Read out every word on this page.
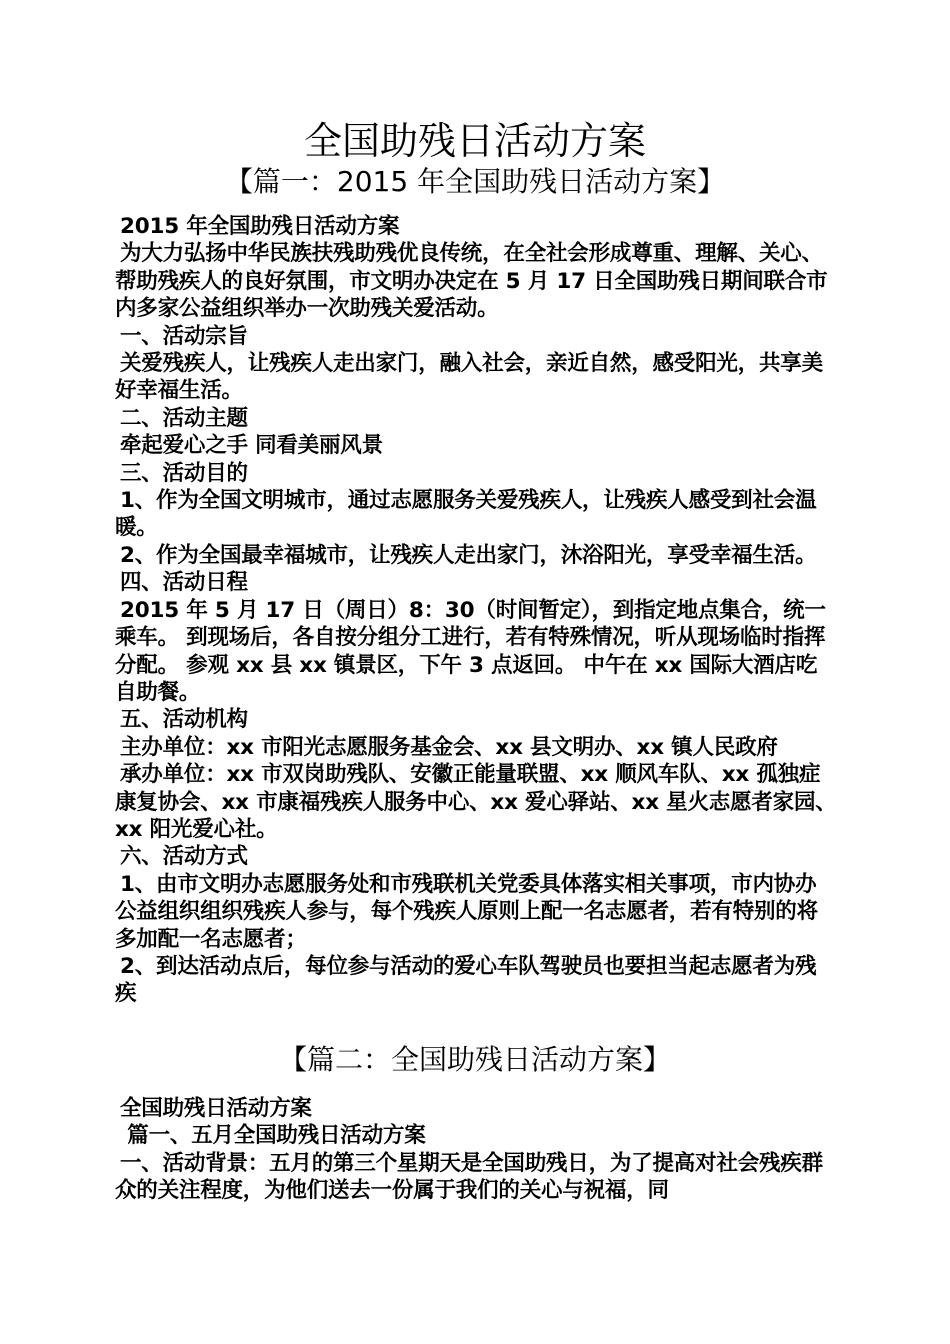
全国助残日活动方案
【篇一：2015 年全国助残日活动方案】

2015 年全国助残日活动方案

为大力弘扬中华民族扶残助残优良传统，在全社会形成尊重、理解、关心、帮助残疾人的良好氛围，市文明办决定在 5 月 17 日全国助残日期间联合市内多家公益组织举办一次助残关爱活动。

一、活动宗旨

关爱残疾人，让残疾人走出家门，融入社会，亲近自然，感受阳光，共享美好幸福生活。

二、活动主题

牵起爱心之手 同看美丽风景

三、活动目的

1、作为全国文明城市，通过志愿服务关爱残疾人，让残疾人感受到社会温暖。

2、作为全国最幸福城市，让残疾人走出家门，沐浴阳光，享受幸福生活。

四、活动日程

2015 年 5 月 17 日（周日）8：30（时间暂定），到指定地点集合，统一乘车。 到现场后，各自按分组分工进行，若有特殊情况，听从现场临时指挥分配。 参观 xx 县 xx 镇景区，下午 3 点返回。 中午在 xx 国际大酒店吃自助餐。

五、活动机构

主办单位：xx 市阳光志愿服务基金会、xx 县文明办、xx 镇人民政府

承办单位：xx 市双岗助残队、安徽正能量联盟、xx 顺风车队、xx 孤独症康复协会、xx 市康福残疾人服务中心、xx 爱心驿站、xx 星火志愿者家园、xx 阳光爱心社。

六、活动方式

1、由市文明办志愿服务处和市残联机关党委具体落实相关事项，市内协办公益组织组织残疾人参与，每个残疾人原则上配一名志愿者，若有特别的将多加配一名志愿者；

2、到达活动点后，每位参与活动的爱心车队驾驶员也要担当起志愿者为残疾

【篇二：全国助残日活动方案】

全国助残日活动方案

篇一、五月全国助残日活动方案

一、活动背景：五月的第三个星期天是全国助残日，为了提高对社会残疾群众的关注程度，为他们送去一份属于我们的关心与祝福，同
